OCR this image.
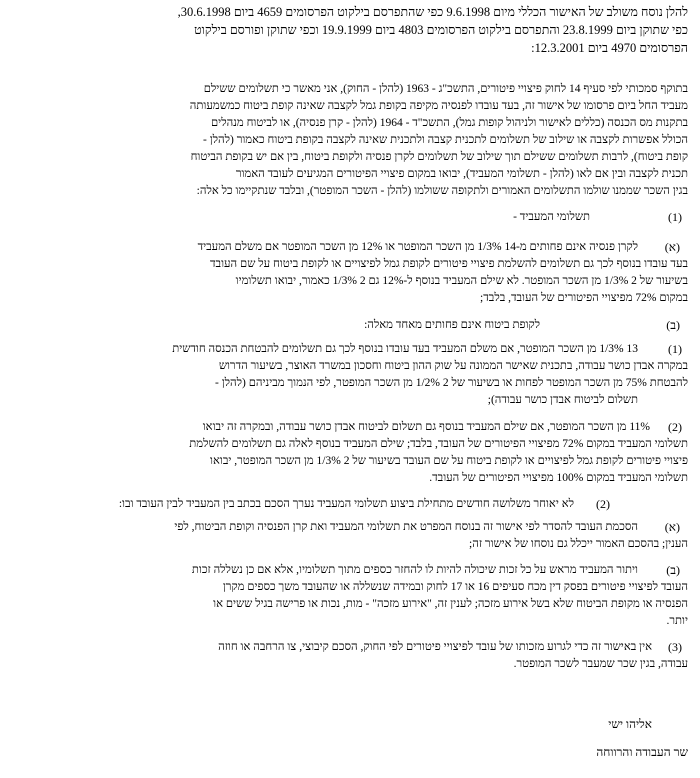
להלן נוסח משולב של האישור הכללי מיום 9.6.1998 כפי שהתפרסם בילקוט הפרסומים 4659 ביום 30.6.1998,
כפי שתוקן ביום 23.8.1999 והתפרסם בילקוט הפרסומים 4803 ביום 19.9.1999 וכפי שתוקן ופורסם בילקוט
הפרסומים 4970 ביום 12.3.2001:
בתוקף סמכותי לפי סעיף 14 לחוק פיצויי פיטורים, התשכ"ג - 1963 (להלן - החוק), אני מאשר כי תשלומים ששילם
מעביד החל ביום פרסומו של אישור זה, בעד עובדו לפנסיה מקיפה בקופת גמל לקצבה שאינה קופת ביטוח כמשמעותה
בתקנות מס הכנסה (כללים לאישור ולניהול קופות גמל), התשכ"ד - 1964 (להלן - קרן פנסיה), או לביטוח מנהלים
הכולל אפשרות לקצבה או שילוב של תשלומים לתכנית קצבה ולתכנית שאינה לקצבה בקופת ביטוח כאמור (להלן -
קופת ביטוח), לרבות תשלומים ששילם תוך שילוב של תשלומים לקרן פנסיה ולקופת ביטוח, בין אם יש בקופת הביטוח
תכנית לקצבה ובין אם לאו (להלן - תשלומי המעביד), יבואו במקום פיצויי הפיטורים המגיעים לעובד האמור
בגין השכר שממנו שולמו התשלומים האמורים ולתקופה ששולמו (להלן - השכר המופטר), ובלבד שנתקיימו כל אלה:
(1)
תשלומי המעביד -
(א)
לקרן פנסיה אינם פחותים מ-14 1/3% מן השכר המופטר או 12% מן השכר המופטר אם משלם המעביד
בעד עובדו בנוסף לכך גם תשלומים להשלמת פיצויי פיטורים לקופת גמל לפיצויים או לקופת ביטוח על שם העובד
בשיעור של 2 1/3% מן השכר המופטר. לא שילם המעביד בנוסף ל-12% גם 2 1/3% כאמור, יבואו תשלומיו
במקום 72% מפיצויי הפיטורים של העובד, בלבד;
(ב)
לקופת ביטוח אינם פחותים מאחד מאלה:
(1)
13 1/3% מן השכר המופטר, אם משלם המעביד בעד עובדו בנוסף לכך גם תשלומים להבטחת הכנסה חודשית
במקרה אבדן כושר עבודה, בתכנית שאישר הממונה על שוק ההון ביטוח וחסכון במשרד האוצר, בשיעור הדרוש
להבטחת 75% מן השכר המופטר לפחות או בשיעור של 2 1/2% מן השכר המופטר, לפי הנמוך מביניהם (להלן -
תשלום לביטוח אבדן כושר עבודה);
(2)
11% מן השכר המופטר, אם שילם המעביד בנוסף גם תשלום לביטוח אבדן כושר עבודה, ובמקרה זה יבואו
תשלומי המעביד במקום 72% מפיצויי הפיטורים של העובד, בלבד; שילם המעביד בנוסף לאלה גם תשלומים להשלמת
פיצויי פיטורים לקופת גמל לפיצויים או לקופת ביטוח על שם העובד בשיעור של 2 1/3% מן השכר המופטר, יבואו
תשלומי המעביד במקום 100% מפיצויי הפיטורים של העובד.
(2)
לא יאוחר משלושה חודשים מתחילת ביצוע תשלומי המעביד נערך הסכם בכתב בין המעביד לבין העובד ובו:
(א)
הסכמת העובד להסדר לפי אישור זה בנוסח המפרט את תשלומי המעביד ואת קרן הפנסיה וקופת הביטוח, לפי
הענין; בהסכם האמור ייכלל גם נוסחו של אישור זה;
(ב)
ויתור המעביד מראש על כל זכות שיכולה להיות לו להחזר כספים מתוך תשלומיו, אלא אם כן נשללה זכות
העובד לפיצויי פיטורים בפסק דין מכח סעיפים 16 או 17 לחוק ובמידה שנשללה או שהעובד משך כספים מקרן
הפנסיה או מקופת הביטוח שלא בשל אירוע מזכה; לענין זה, "אירוע מזכה" - מות, נכות או פרישה בגיל ששים או
יותר.
(3)
אין באישור זה כדי לגרוע מזכותו של עובד לפיצויי פיטורים לפי החוק, הסכם קיבוצי, צו הרחבה או חוזה
עבודה, בגין שכר שמעבר לשכר המופטר.
אליהו ישי
שר העבודה והרווחה
